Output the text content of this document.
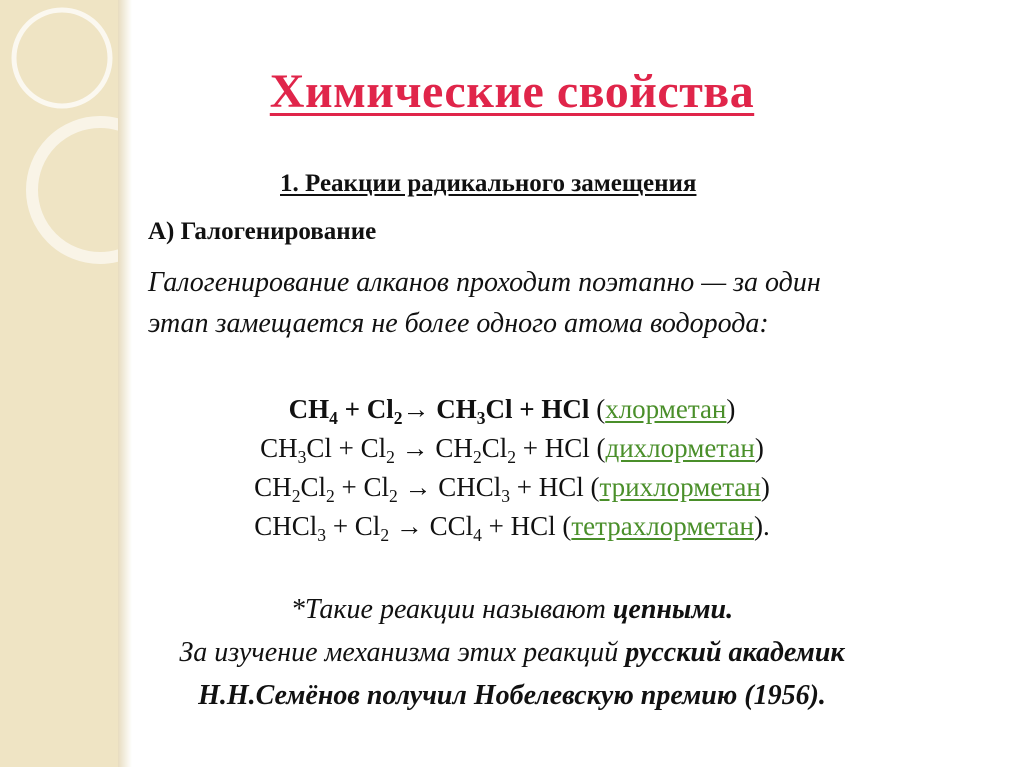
Химические свойства
1. Реакции радикального замещения
А) Галогенирование
Галогенирование алканов проходит поэтапно — за один
этап замещается не более одного атома водорода:
$CH_4 + Cl_2\to CH_3Cl$ + HCl (хлорметан)
$CH_3Cl + Cl_2 \to CH_2Cl_2$ + HCl (дихлорметан)
$CH_2Cl_2 + Cl_2$ → CHCl$_3$ + HCl (трихлорметан)
CHCl$_3$ + $Cl_2 \to CCl_4$ + HCl (тетрахлорметан).
*Такие реакции называют цепными.
За изучение механизма этих реакций русский академик
Н.Н.Семёнов получил Нобелевскую премию (1956).
